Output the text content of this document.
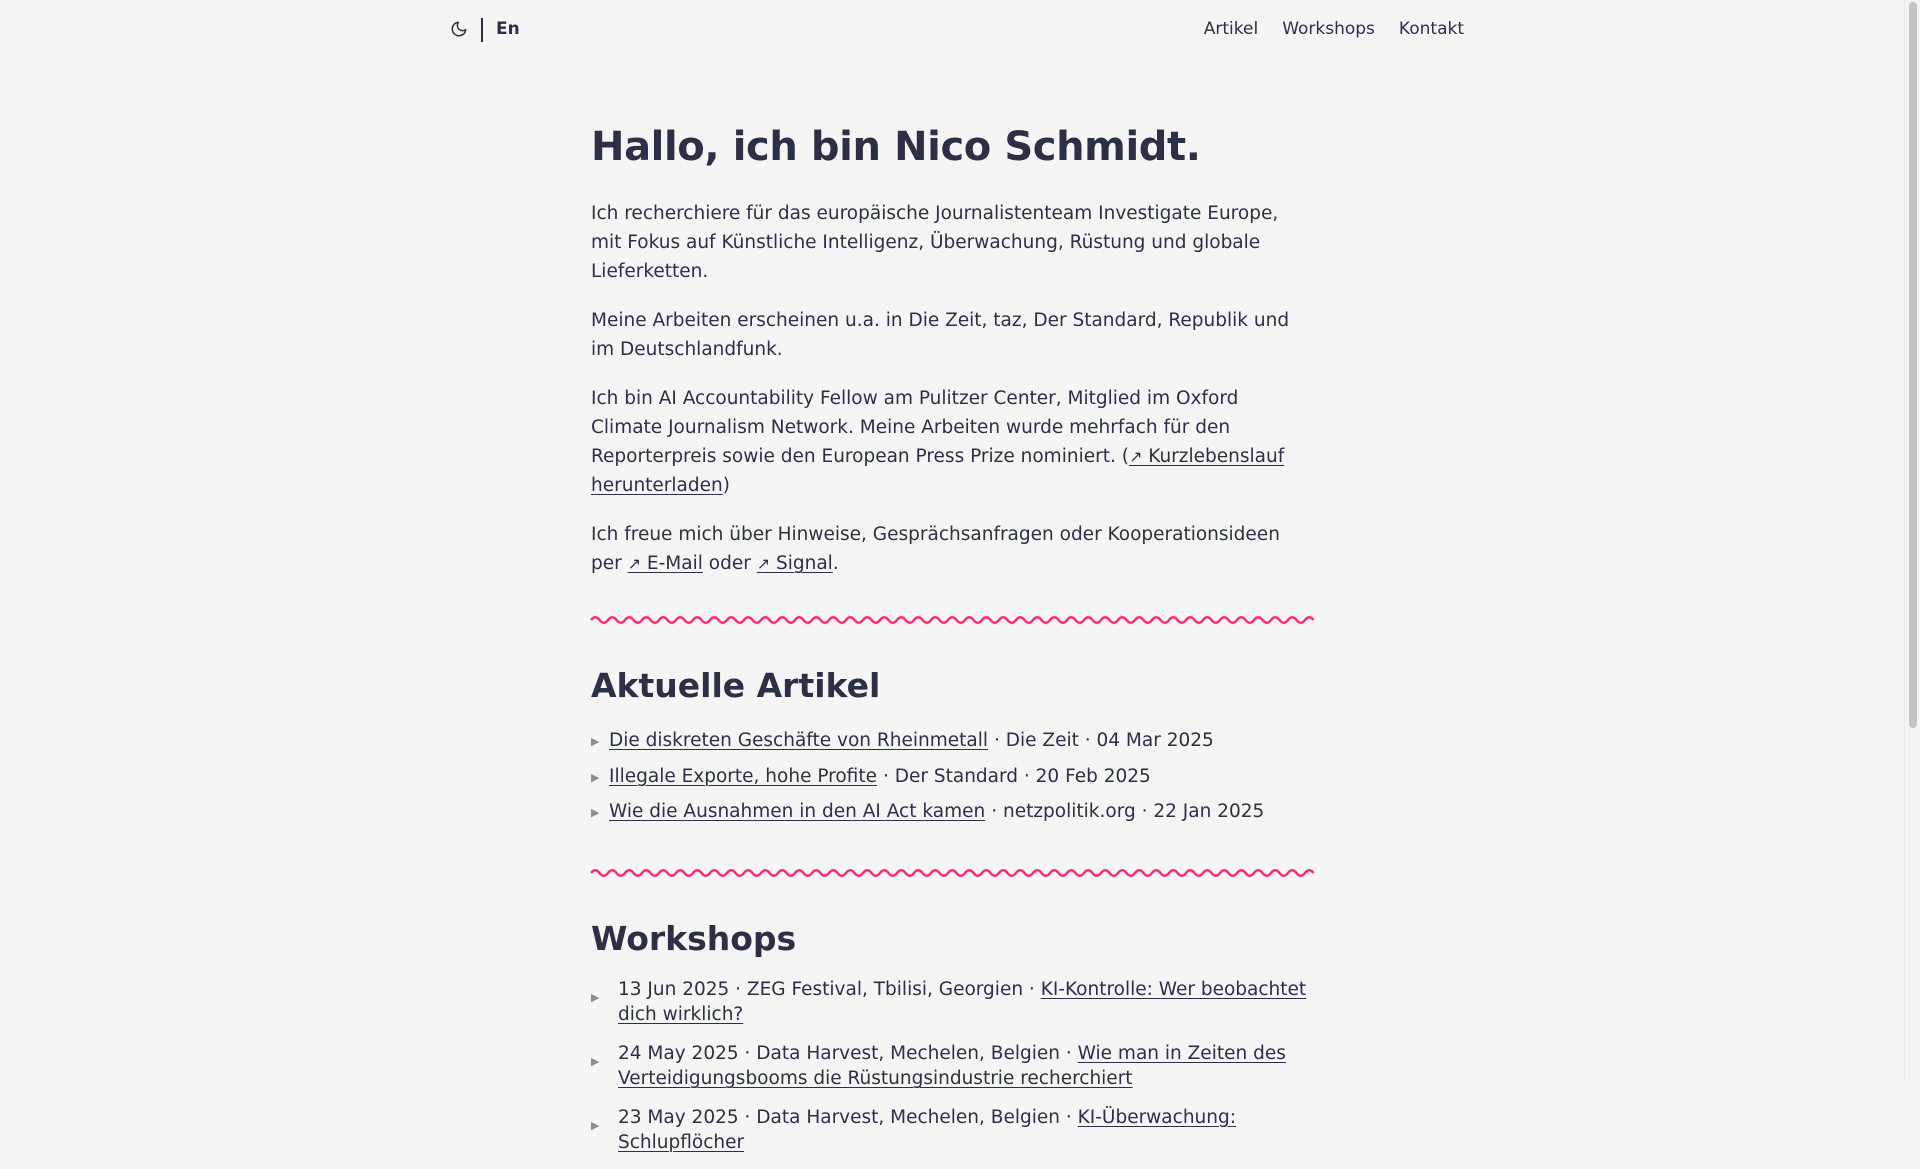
En	Artikel Workshops Kontakt
Hallo, ich bin Nico Schmidt.

Ich recherchiere für das europäische Journalistenteam Investigate Europe, mit Fokus auf Künstliche Intelligenz, Überwachung, Rüstung und globale Lieferketten.

Meine Arbeiten erscheinen u.a. in Die Zeit, taz, Der Standard, Republik und im Deutschlandfunk.

Ich bin AI Accountability Fellow am Pulitzer Center, Mitglied im Oxford Climate Journalism Network. Meine Arbeiten wurde mehrfach für den Reporterpreis sowie den European Press Prize nominiert. (↗ Kurzlebenslauf herunterladen)

Ich freue mich über Hinweise, Gesprächsanfragen oder Kooperationsideen per ↗ E-Mail oder ↗ Signal.

Aktuelle Artikel
▶ Die diskreten Geschäfte von Rheinmetall · Die Zeit · 04 Mar 2025
▶ Illegale Exporte, hohe Profite · Der Standard · 20 Feb 2025
▶ Wie die Ausnahmen in den AI Act kamen · netzpolitik.org · 22 Jan 2025
Workshops
▶	13 Jun 2025 · ZEG Festival, Tbilisi, Georgien · KI-Kontrolle: Wer beobachtet dich wirklich?
▶	24 May 2025 · Data Harvest, Mechelen, Belgien · Wie man in Zeiten des Verteidigungsbooms die Rüstungsindustrie recherchiert
▶	23 May 2025 · Data Harvest, Mechelen, Belgien · KI-Überwachung: Schlupflöcher
